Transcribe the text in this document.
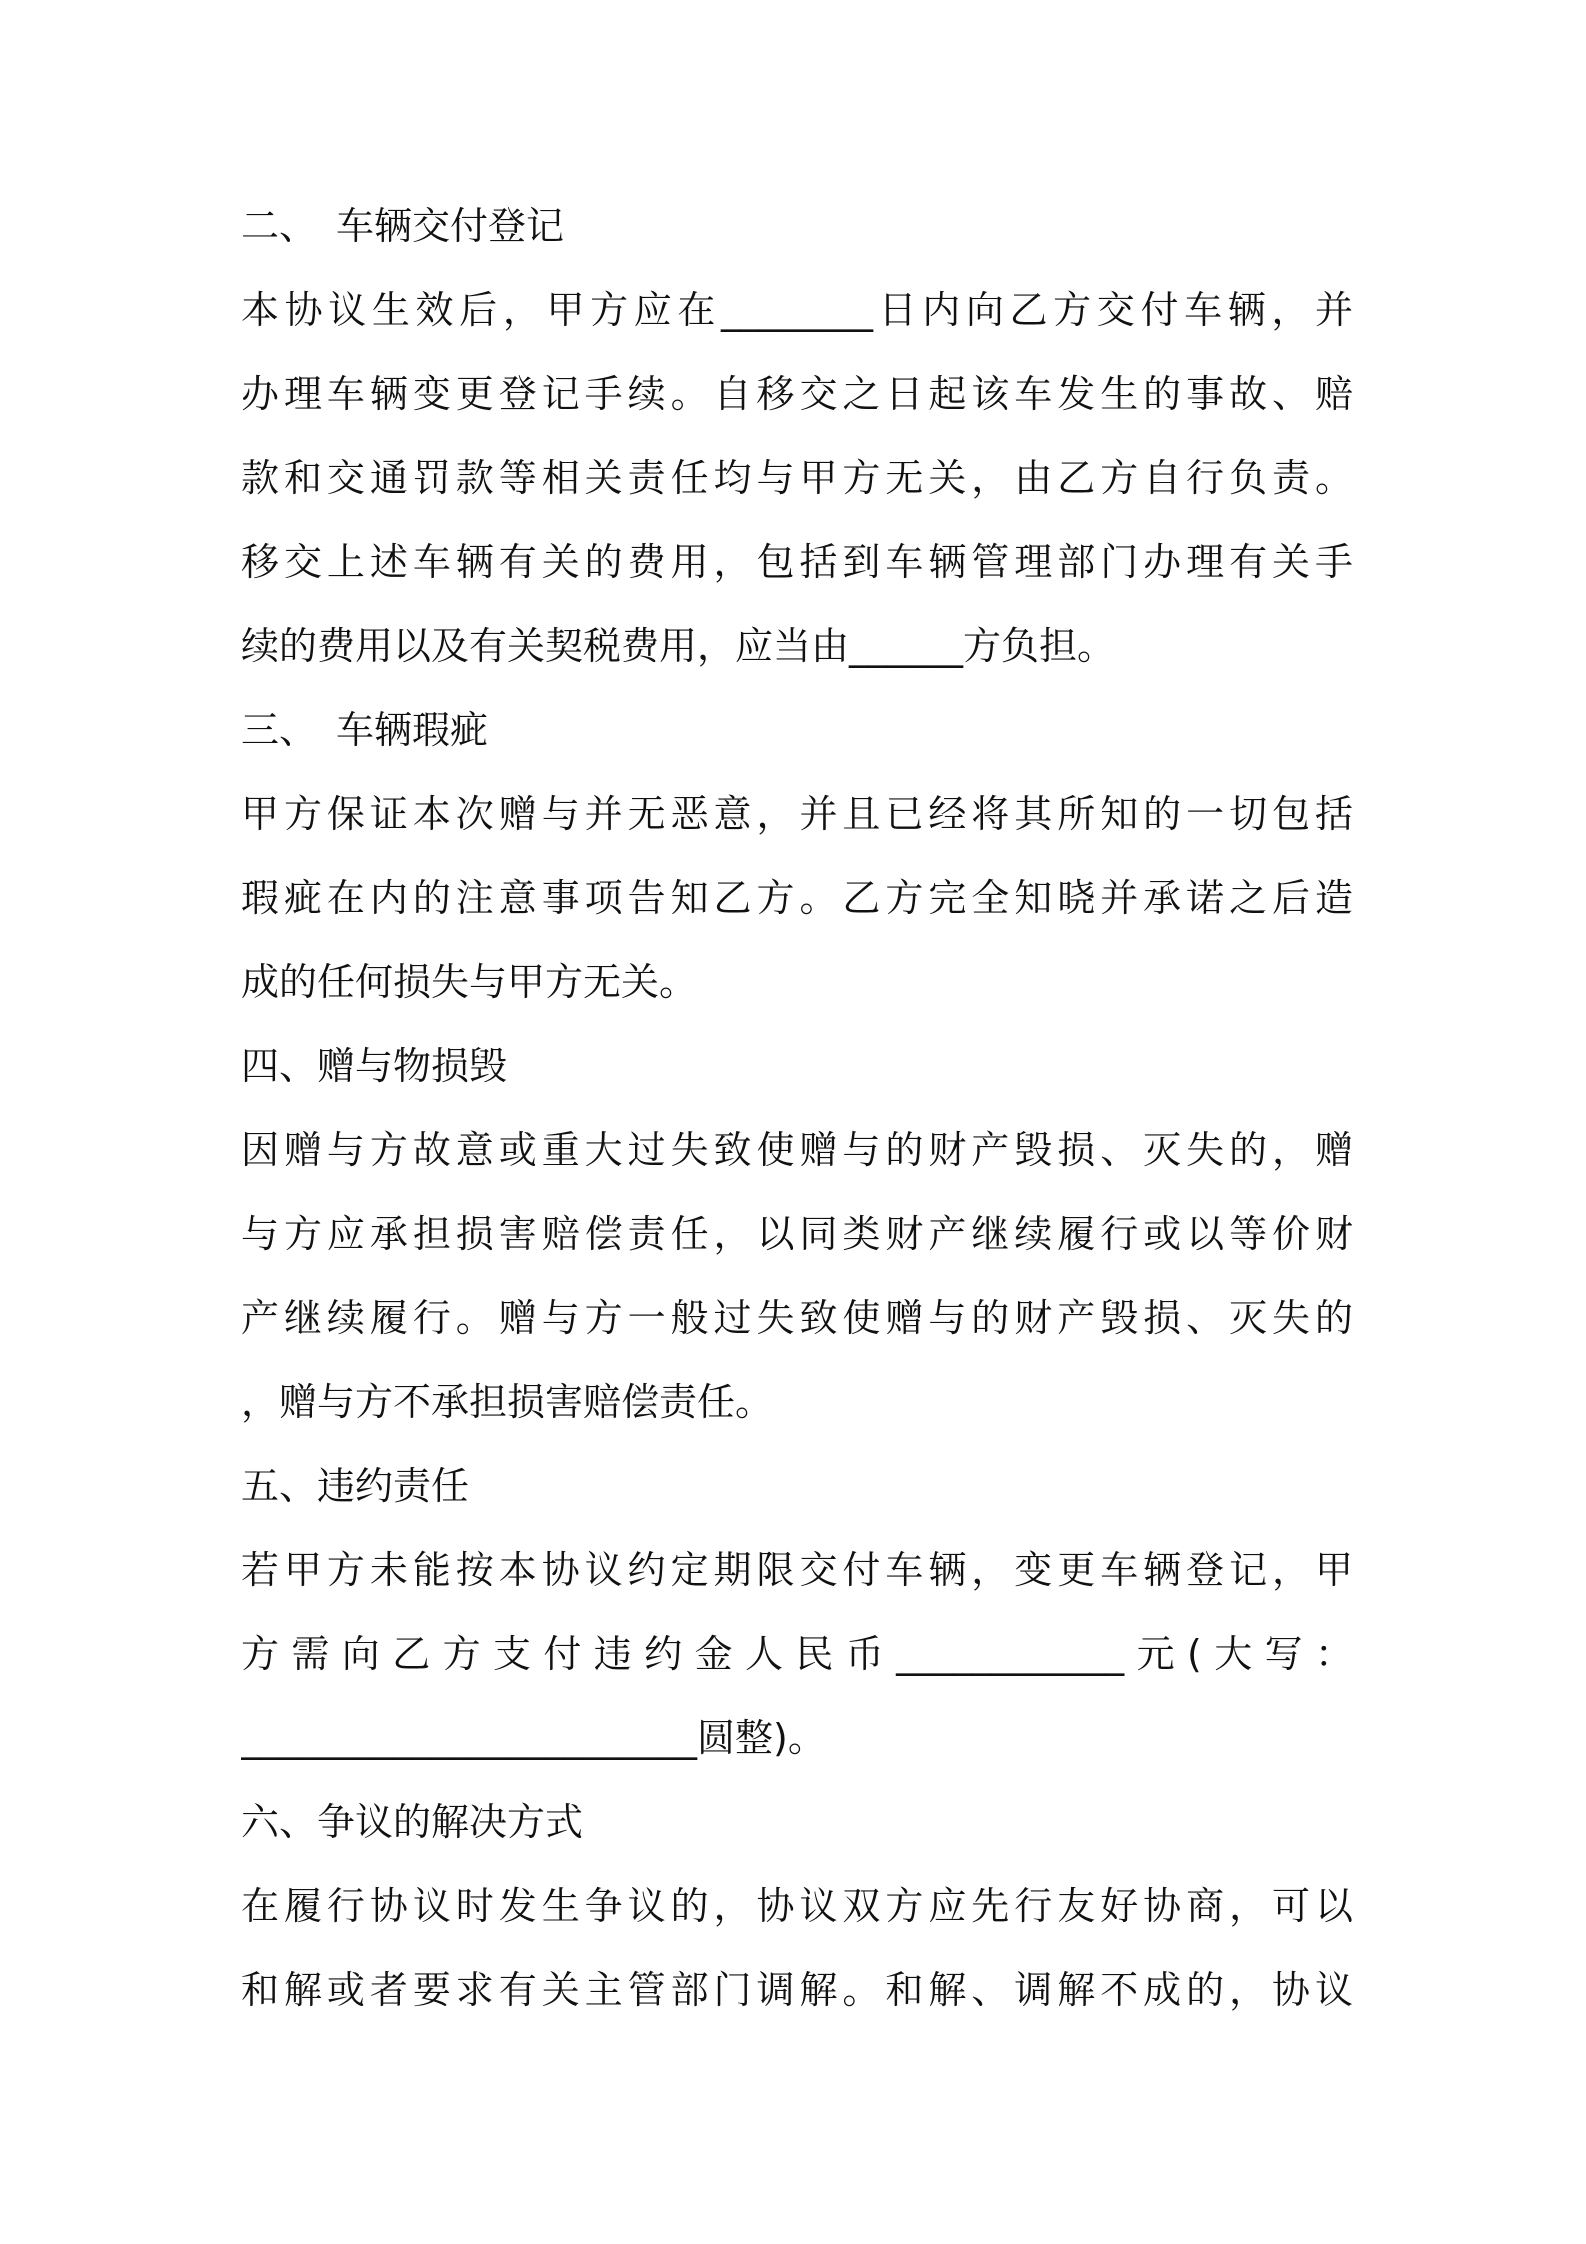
二、　车辆交付登记
本协议生效后，甲方应在________日内向乙方交付车辆，并
办理车辆变更登记手续。自移交之日起该车发生的事故、赔
款和交通罚款等相关责任均与甲方无关，由乙方自行负责。
移交上述车辆有关的费用，包括到车辆管理部门办理有关手
续的费用以及有关契税费用，应当由______方负担。
三、　车辆瑕疵
甲方保证本次赠与并无恶意，并且已经将其所知的一切包括
瑕疵在内的注意事项告知乙方。乙方完全知晓并承诺之后造
成的任何损失与甲方无关。
四、赠与物损毁
因赠与方故意或重大过失致使赠与的财产毁损、灭失的，赠
与方应承担损害赔偿责任，以同类财产继续履行或以等价财
产继续履行。赠与方一般过失致使赠与的财产毁损、灭失的
，赠与方不承担损害赔偿责任。
五、违约责任
若甲方未能按本协议约定期限交付车辆，变更车辆登记，甲
方需向乙方支付违约金人民币____________元(大写：
________________________圆整)。
六、争议的解决方式
在履行协议时发生争议的，协议双方应先行友好协商，可以
和解或者要求有关主管部门调解。和解、调解不成的，协议
